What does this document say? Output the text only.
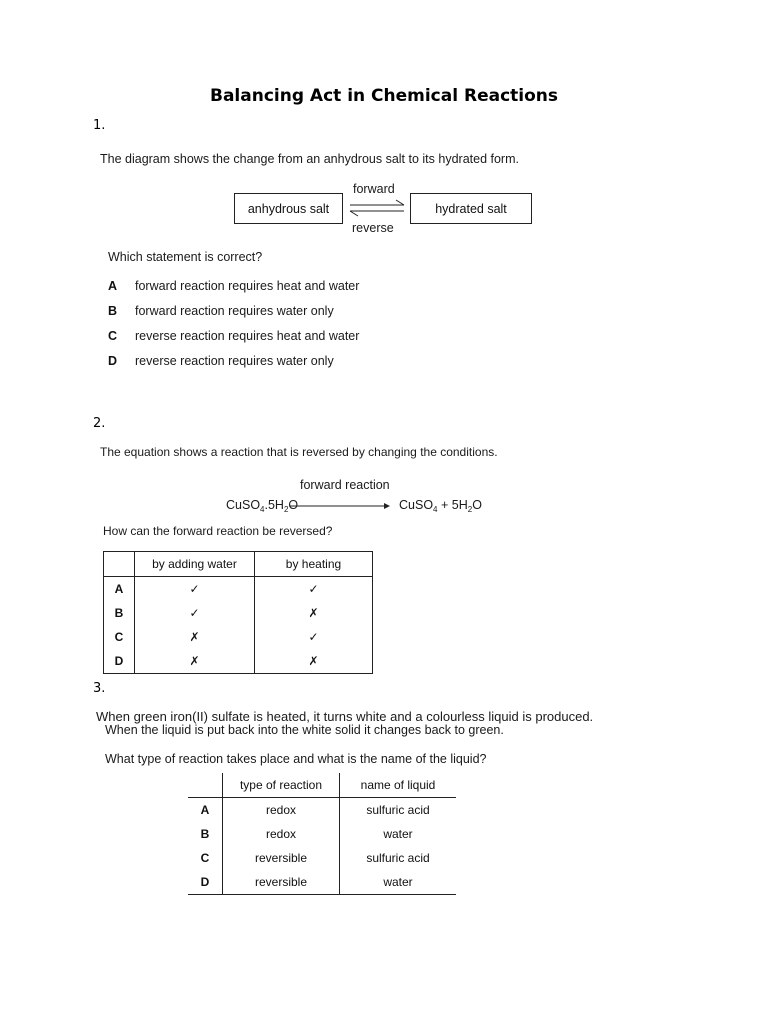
Balancing Act in Chemical Reactions
1.
The diagram shows the change from an anhydrous salt to its hydrated form.
anhydrous salt
forward
reverse
hydrated salt
Which statement is correct?
A forward reaction requires heat and water
B forward reaction requires water only
C reverse reaction requires heat and water
D reverse reaction requires water only
2.
The equation shows a reaction that is reversed by changing the conditions.
forward reaction
$CuSO_4.5H_2O$	CuSO$_4$ + $5H_2O$
How can the forward reaction be reversed?
	by adding water	by heating
A	✓	✓
B	✓	✗
C	✗	✓
D	✗	✗
3.
When green iron(II) sulfate is heated, it turns white and a colourless liquid is produced.
When the liquid is put back into the white solid it changes back to green.
What type of reaction takes place and what is the name of the liquid?
	type of reaction	name of liquid
A	redox	sulfuric acid
B	redox	water
C	reversible	sulfuric acid
D	reversible	water
